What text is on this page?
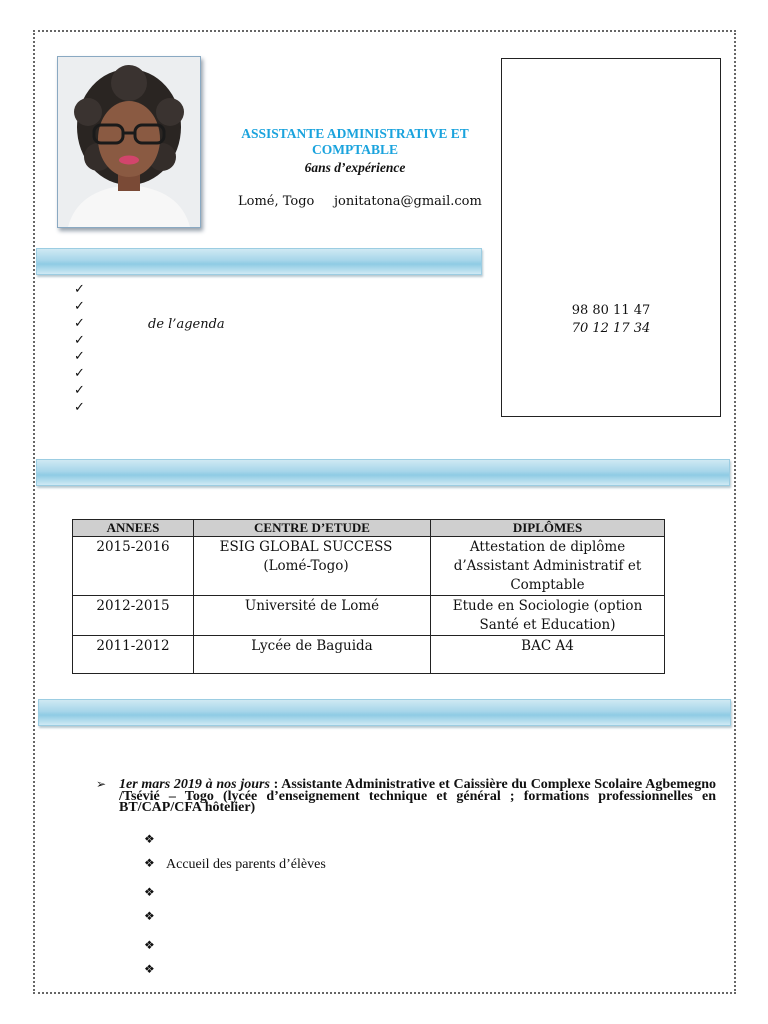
ASSISTANTE ADMINISTRATIVE ET COMPTABLE
6ans d’expérience
Lomé, Togo jonitatona@gmail.com
98 80 11 47
70 12 17 34
✓
✓
✓
✓
✓
✓
✓
✓
de l’agenda
ANNEES	CENTRE D’ETUDE	DIPLÔMES
2015-2016	ESIG GLOBAL SUCCESS (Lomé-Togo)	Attestation de diplôme d’Assistant Administratif et Comptable
2012-2015	Université de Lomé	Etude en Sociologie (option Santé et Education)
2011-2012	Lycée de Baguida	BAC A4
➢ 1er mars 2019 à nos jours : Assistante Administrative et Caissière du Complexe Scolaire Agbemegno /Tsévié – Togo (lycée d’enseignement technique et général ; formations professionnelles en BT/CAP/CFA hôtelier)
❖
❖ Accueil des parents d’élèves
❖
❖
❖
❖
